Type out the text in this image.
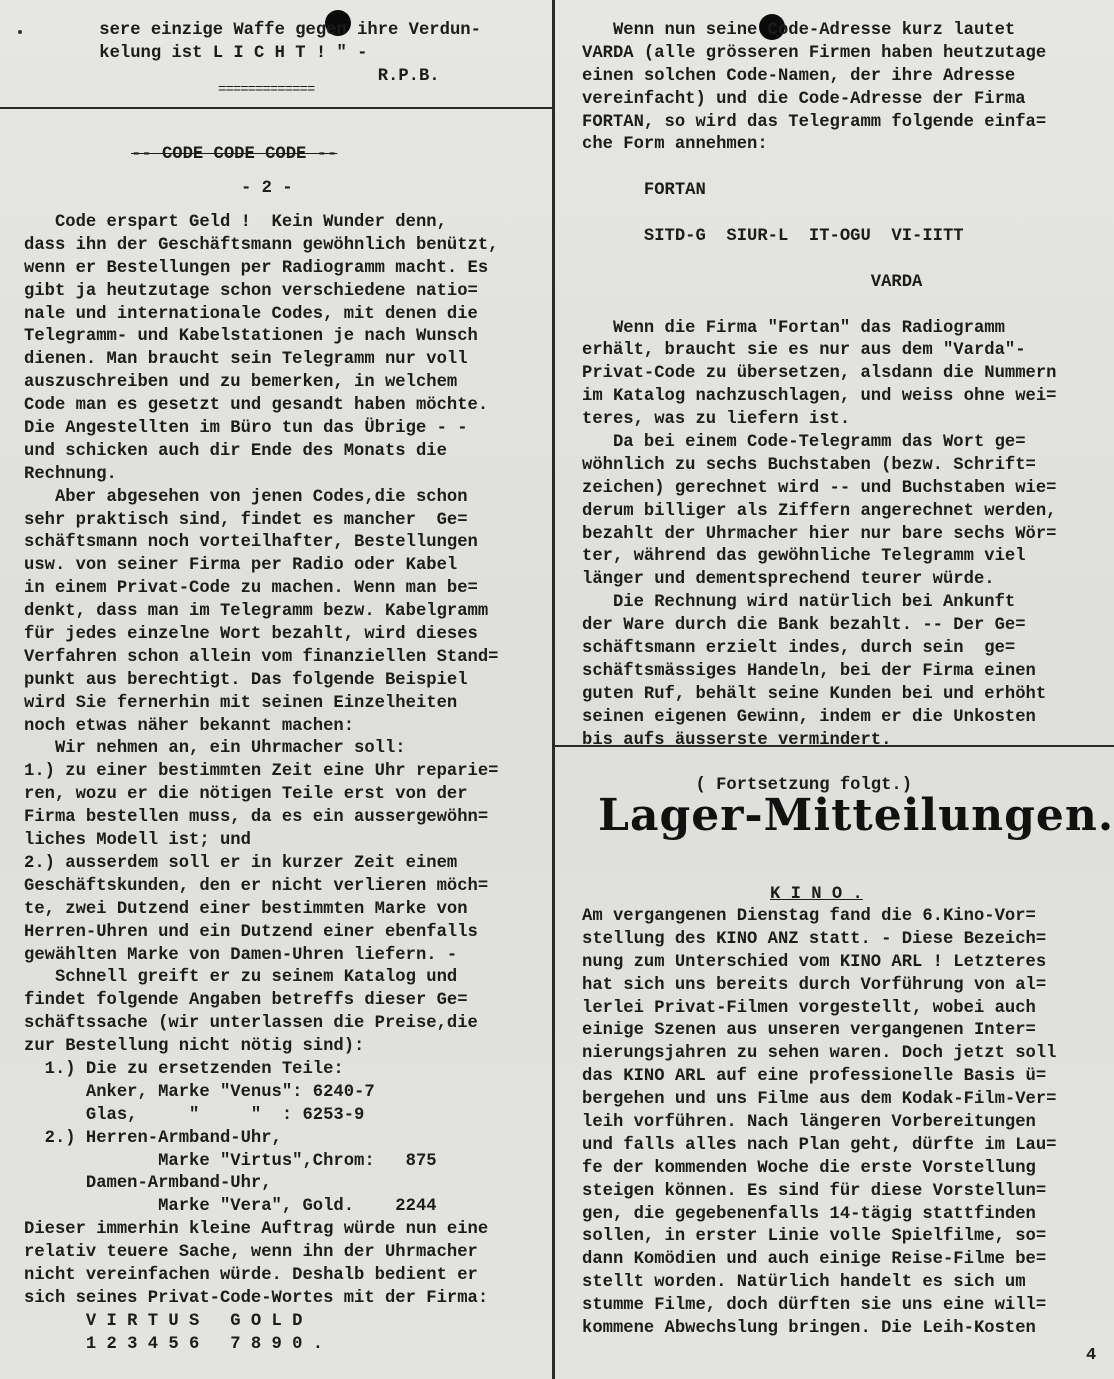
sere einzige Waffe gegen ihre Verdun-
kelung ist L I C H T ! " -
R.P.B.
=============
-- CODE CODE CODE --
- 2 -
Code erspart Geld !  Kein Wunder denn,
dass ihn der Geschäftsmann gewöhnlich benützt,
wenn er Bestellungen per Radiogramm macht. Es
gibt ja heutzutage schon verschiedene natio=
nale und internationale Codes, mit denen die
Telegramm- und Kabelstationen je nach Wunsch
dienen. Man braucht sein Telegramm nur voll
auszuschreiben und zu bemerken, in welchem
Code man es gesetzt und gesandt haben möchte.
Die Angestellten im Büro tun das Übrige - -
und schicken auch dir Ende des Monats die
Rechnung.
Aber abgesehen von jenen Codes,die schon
sehr praktisch sind, findet es mancher  Ge=
schäftsmann noch vorteilhafter, Bestellungen
usw. von seiner Firma per Radio oder Kabel
in einem Privat-Code zu machen. Wenn man be=
denkt, dass man im Telegramm bezw. Kabelgramm
für jedes einzelne Wort bezahlt, wird dieses
Verfahren schon allein vom finanziellen Stand=
punkt aus berechtigt. Das folgende Beispiel
wird Sie fernerhin mit seinen Einzelheiten
noch etwas näher bekannt machen:
Wir nehmen an, ein Uhrmacher soll:
1.) zu einer bestimmten Zeit eine Uhr reparie=
ren, wozu er die nötigen Teile erst von der
Firma bestellen muss, da es ein aussergewöhn=
liches Modell ist; und
2.) ausserdem soll er in kurzer Zeit einem
Geschäftskunden, den er nicht verlieren möch=
te, zwei Dutzend einer bestimmten Marke von
Herren-Uhren und ein Dutzend einer ebenfalls
gewählten Marke von Damen-Uhren liefern. -
Schnell greift er zu seinem Katalog und
findet folgende Angaben betreffs dieser Ge=
schäftssache (wir unterlassen die Preise,die
zur Bestellung nicht nötig sind):
1.) Die zu ersetzenden Teile:
Anker, Marke "Venus": 6240-7
Glas,     "     "  : 6253-9
2.) Herren-Armband-Uhr,
Marke "Virtus",Chrom:   875
Damen-Armband-Uhr,
Marke "Vera", Gold.    2244
Dieser immerhin kleine Auftrag würde nun eine
relativ teuere Sache, wenn ihn der Uhrmacher
nicht vereinfachen würde. Deshalb bedient er
sich seines Privat-Code-Wortes mit der Firma:
V I R T U S   G O L D
1 2 3 4 5 6   7 8 9 0 .
Wenn nun seine Code-Adresse kurz lautet
VARDA (alle grösseren Firmen haben heutzutage
einen solchen Code-Namen, der ihre Adresse
vereinfacht) und die Code-Adresse der Firma
FORTAN, so wird das Telegramm folgende einfa=
che Form annehmen:
FORTAN
SITD-G  SIUR-L  IT-OGU  VI-IITT
VARDA
Wenn die Firma "Fortan" das Radiogramm
erhält, braucht sie es nur aus dem "Varda"-
Privat-Code zu übersetzen, alsdann die Nummern
im Katalog nachzuschlagen, und weiss ohne wei=
teres, was zu liefern ist.
Da bei einem Code-Telegramm das Wort ge=
wöhnlich zu sechs Buchstaben (bezw. Schrift=
zeichen) gerechnet wird -- und Buchstaben wie=
derum billiger als Ziffern angerechnet werden,
bezahlt der Uhrmacher hier nur bare sechs Wör=
ter, während das gewöhnliche Telegramm viel
länger und dementsprechend teurer würde.
Die Rechnung wird natürlich bei Ankunft
der Ware durch die Bank bezahlt. -- Der Ge=
schäftsmann erzielt indes, durch sein  ge=
schäftsmässiges Handeln, bei der Firma einen
guten Ruf, behält seine Kunden bei und erhöht
seinen eigenen Gewinn, indem er die Unkosten
bis aufs äusserste vermindert.
( Fortsetzung folgt.)
Lager-Mitteilungen.
K I N O .
Am vergangenen Dienstag fand die 6.Kino-Vor=
stellung des KINO ANZ statt. - Diese Bezeich=
nung zum Unterschied vom KINO ARL ! Letzteres
hat sich uns bereits durch Vorführung von al=
lerlei Privat-Filmen vorgestellt, wobei auch
einige Szenen aus unseren vergangenen Inter=
nierungsjahren zu sehen waren. Doch jetzt soll
das KINO ARL auf eine professionelle Basis ü=
bergehen und uns Filme aus dem Kodak-Film-Ver=
leih vorführen. Nach längeren Vorbereitungen
und falls alles nach Plan geht, dürfte im Lau=
fe der kommenden Woche die erste Vorstellung
steigen können. Es sind für diese Vorstellun=
gen, die gegebenenfalls 14-tägig stattfinden
sollen, in erster Linie volle Spielfilme, so=
dann Komödien und auch einige Reise-Filme be=
stellt worden. Natürlich handelt es sich um
stumme Filme, doch dürften sie uns eine will=
kommene Abwechslung bringen. Die Leih-Kosten
4
